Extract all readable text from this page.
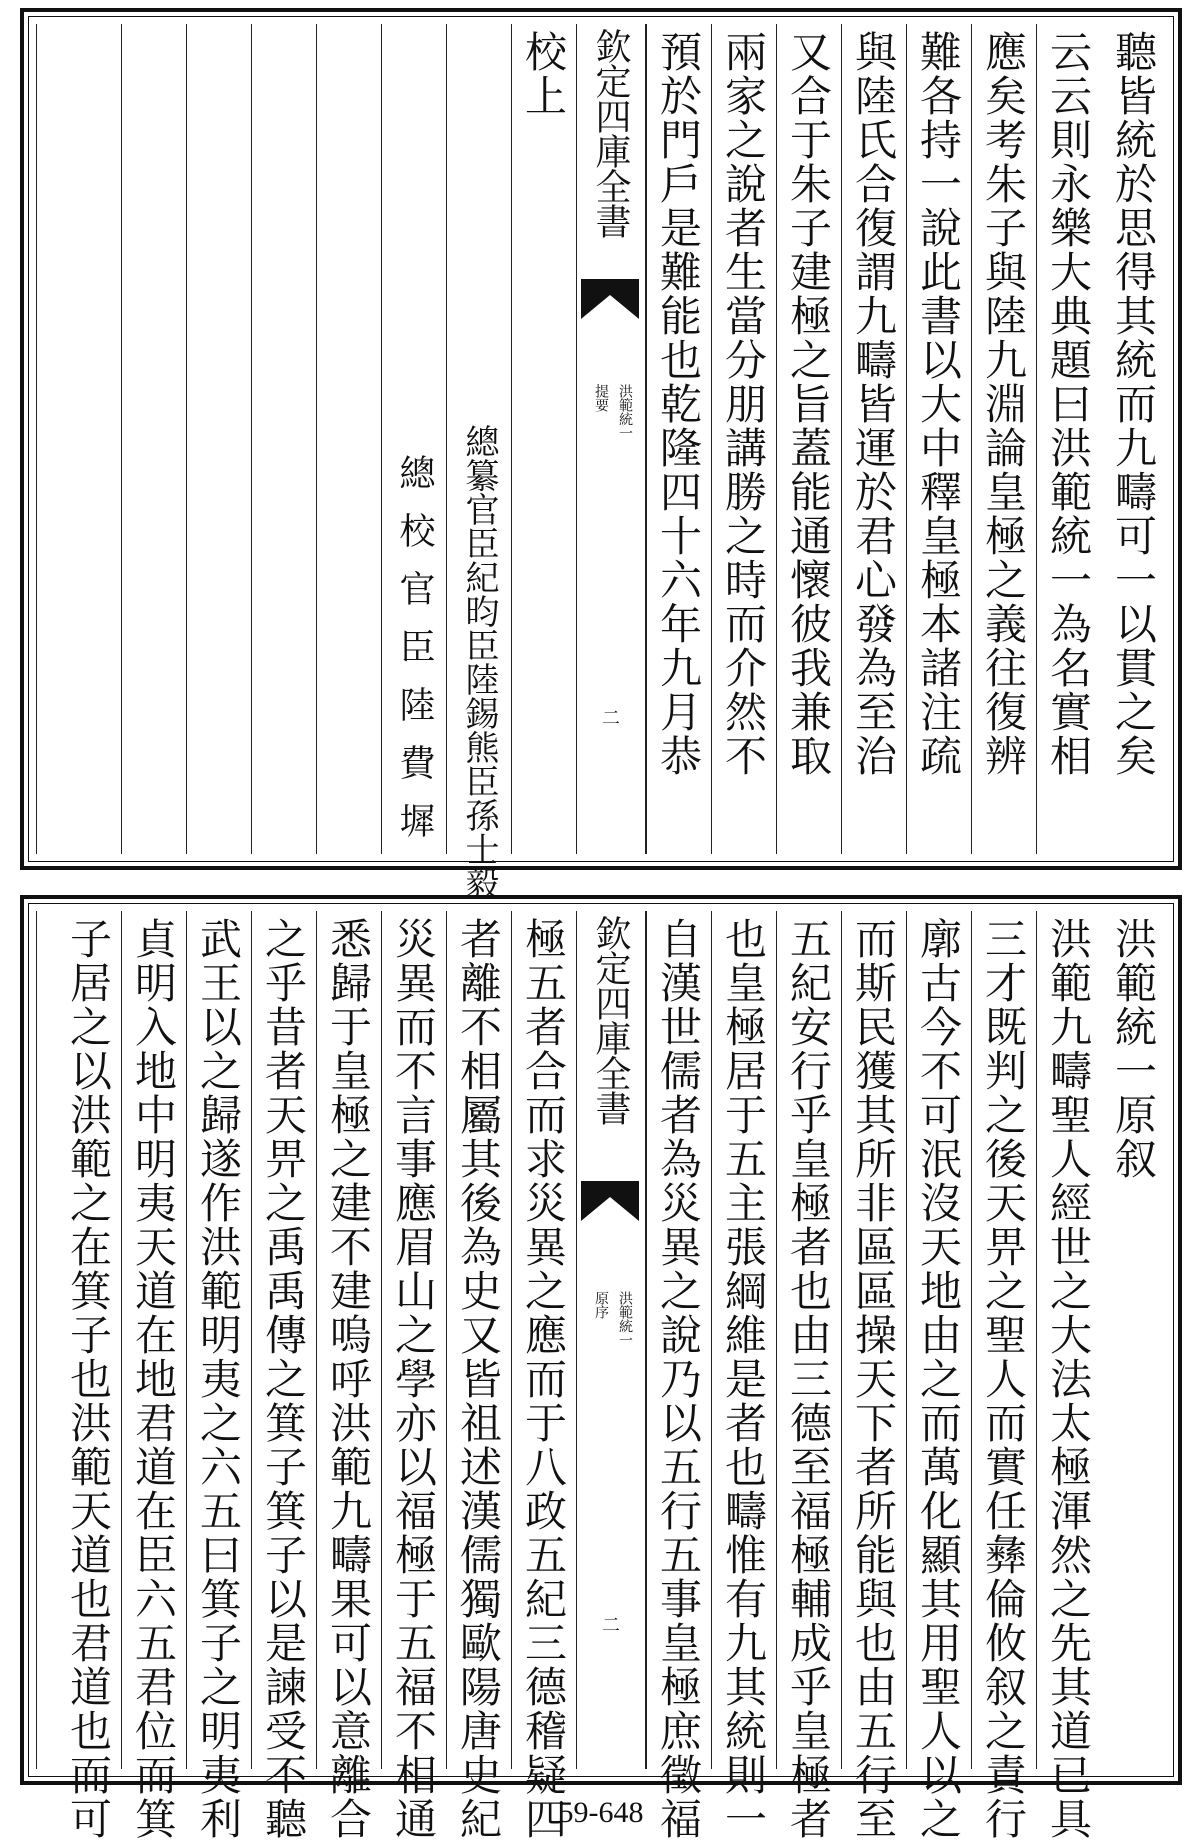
聽皆統於思得其統而九疇可一以貫之矣
云云則永樂大典題曰洪範統一為名實相
應矣考朱子與陸九淵論皇極之義往復辨
難各持一說此書以大中釋皇極本諸注疏
與陸氏合復謂九疇皆運於君心發為至治
又合于朱子建極之旨蓋能通懷彼我兼取
兩家之說者生當分朋講勝之時而介然不
預於門戶是難能也乾隆四十六年九月恭
欽定四庫全書
洪範統一
提要
二
校上
總纂官臣紀昀臣陸錫熊臣孫士毅
總校官臣陸費墀
洪範統一原叙
洪範九疇聖人經世之大法太極渾然之先其道已具
三才既判之後天畀之聖人而實任彝倫攸叙之責行
廓古今不可泯沒天地由之而萬化顯其用聖人以之
而斯民獲其所非區區操天下者所能與也由五行至
五紀安行乎皇極者也由三德至福極輔成乎皇極者
也皇極居于五主張綱維是者也疇惟有九其統則一
自漢世儒者為災異之說乃以五行五事皇極庶徵福
欽定四庫全書
洪範統一
原序
二
極五者合而求災異之應而于八政五紀三德稽疑四
者離不相屬其後為史又皆祖述漢儒獨歐陽唐史紀
災異而不言事應眉山之學亦以福極于五福不相通
悉歸于皇極之建不建嗚呼洪範九疇果可以意離合
之乎昔者天畀之禹禹傳之箕子箕子以是諫受不聽
武王以之歸遂作洪範明夷之六五曰箕子之明夷利
貞明入地中明夷天道在地君道在臣六五君位而箕
子居之以洪範之在箕子也洪範天道也君道也而可	59-648
